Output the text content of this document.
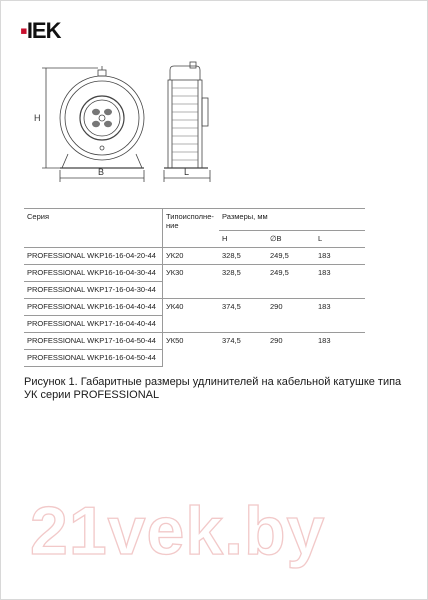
▪IEK
H
B	L
Серия	Типоисполне-ние	Размеры, мм		
		H	∅B	L
PROFESSIONAL WKP16-16-04-20-44	УК20	328,5	249,5	183
PROFESSIONAL WKP16-16-04-30-44	УК30	328,5	249,5	183
PROFESSIONAL WKP17-16-04-30-44				
PROFESSIONAL WKP16-16-04-40-44	УК40	374,5	290	183
PROFESSIONAL WKP17-16-04-40-44				
PROFESSIONAL WKP17-16-04-50-44	УК50	374,5	290	183
PROFESSIONAL WKP16-16-04-50-44				
Рисунок 1. Габаритные размеры удлинителей на кабельной катушке типа УК серии PROFESSIONAL
21vek.by
